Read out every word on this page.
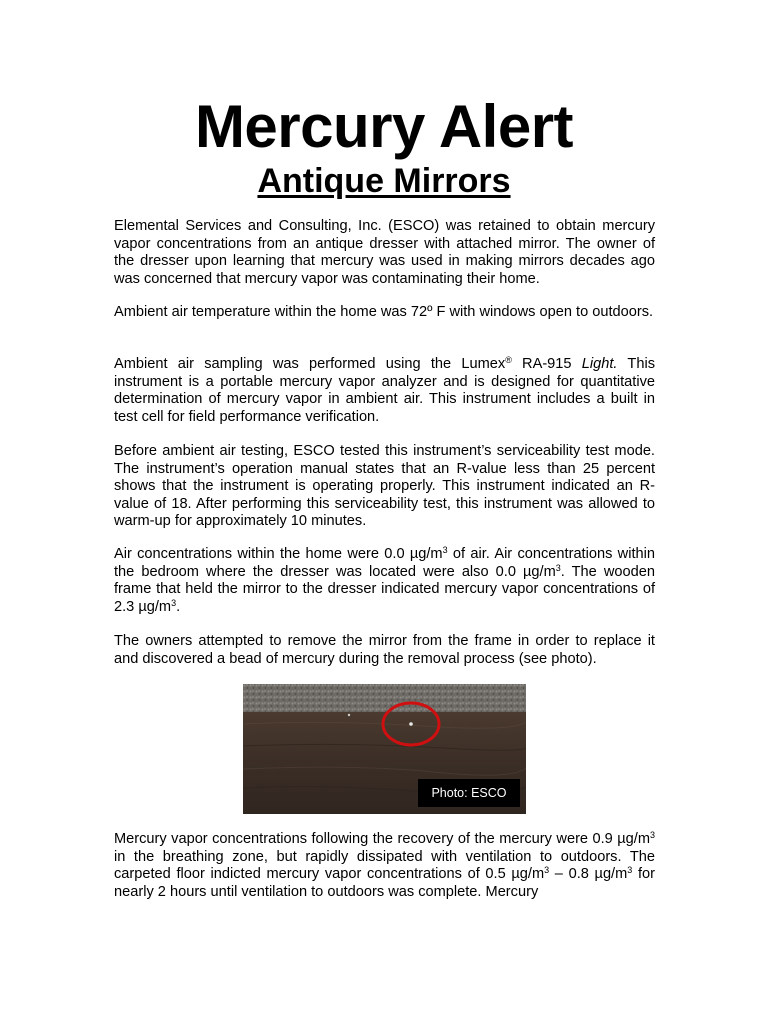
Mercury Alert
Antique Mirrors

Elemental Services and Consulting, Inc. (ESCO) was retained to obtain mercury vapor concentrations from an antique dresser with attached mirror. The owner of the dresser upon learning that mercury was used in making mirrors decades ago was concerned that mercury vapor was contaminating their home.

Ambient air temperature within the home was 72º F with windows open to outdoors.

Ambient air sampling was performed using the Lumex® RA-915 Light. This instrument is a portable mercury vapor analyzer and is designed for quantitative determination of mercury vapor in ambient air. This instrument includes a built in test cell for field performance verification.

Before ambient air testing, ESCO tested this instrument’s serviceability test mode. The instrument’s operation manual states that an R-value less than 25 percent shows that the instrument is operating properly. This instrument indicated an R-value of 18. After performing this serviceability test, this instrument was allowed to warm-up for approximately 10 minutes.

Air concentrations within the home were 0.0 $\mu g/m^3$ of air. Air concentrations within the bedroom where the dresser was located were also 0.0 $\mu g/m^3$. The wooden frame that held the mirror to the dresser indicated mercury vapor concentrations of 2.3 $\mu g/m^3$.

The owners attempted to remove the mirror from the frame in order to replace it and discovered a bead of mercury during the removal process (see photo).

Photo: ESCO

Mercury vapor concentrations following the recovery of the mercury were 0.9 $\mu g/m^3$ in the breathing zone, but rapidly dissipated with ventilation to outdoors. The carpeted floor indicted mercury vapor concentrations of 0.5 $\mu g/m^3 - 0.8$ $\mu g/m^3$ for nearly 2 hours until ventilation to outdoors was complete. Mercury
